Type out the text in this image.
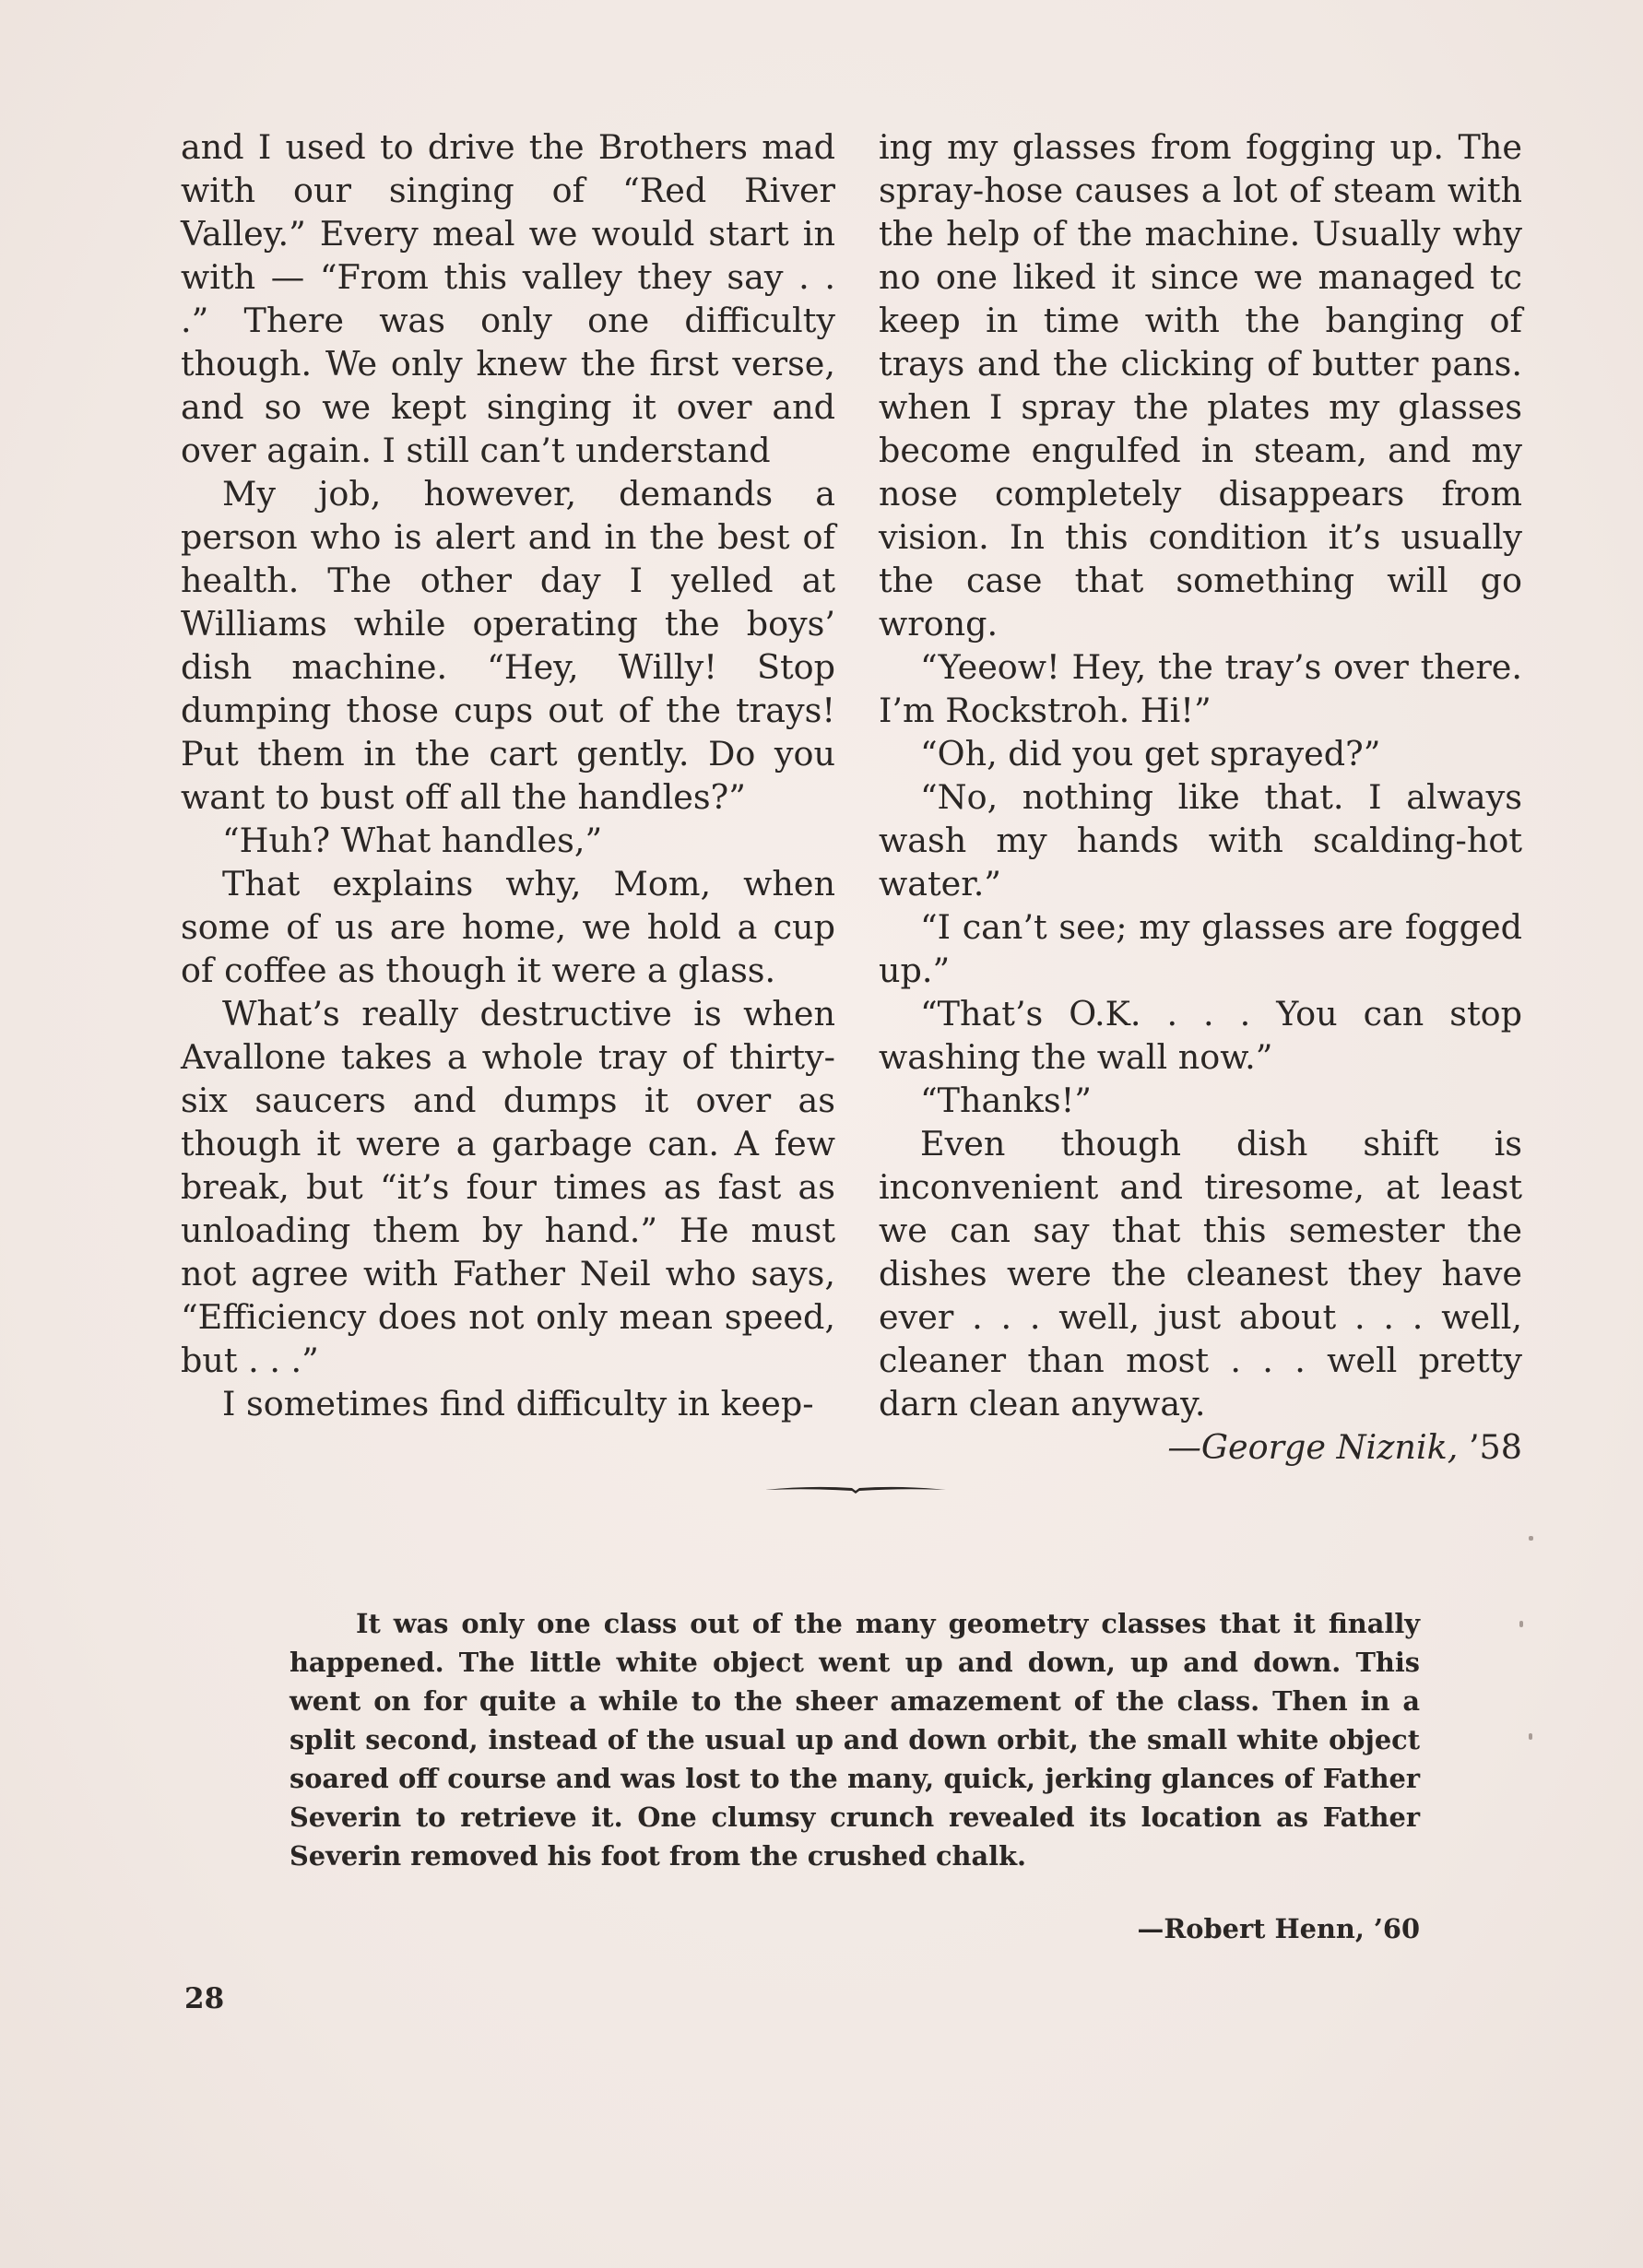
and I used to drive the Brothers mad with our singing of “Red River Valley.” Every meal we would start in with — “From this valley they say . . .” There was only one difficulty though. We only knew the first verse, and so we kept singing it over and over again. I still can’t understand

My job, however, demands a person who is alert and in the best of health. The other day I yelled at Williams while operating the boys’ dish machine. “Hey, Willy! Stop dumping those cups out of the trays! Put them in the cart gently. Do you want to bust off all the handles?”

“Huh? What handles,”

That explains why, Mom, when some of us are home, we hold a cup of coffee as though it were a glass.

What’s really destructive is when Avallone takes a whole tray of thirty-six saucers and dumps it over as though it were a garbage can. A few break, but “it’s four times as fast as unloading them by hand.” He must not agree with Father Neil who says, “Efficiency does not only mean speed, but . . .”

I sometimes find difficulty in keep-

ing my glasses from fogging up. The spray-hose causes a lot of steam with the help of the machine. Usually why no one liked it since we managed tc keep in time with the banging of trays and the clicking of butter pans. when I spray the plates my glasses become engulfed in steam, and my nose completely disappears from vision. In this condition it’s usually the case that something will go wrong.

“Yeeow! Hey, the tray’s over there. I’m Rockstroh. Hi!”

“Oh, did you get sprayed?”

“No, nothing like that. I always wash my hands with scalding-hot water.”

“I can’t see; my glasses are fogged up.”

“That’s O.K. . . . You can stop washing the wall now.”

“Thanks!”

Even though dish shift is inconvenient and tiresome, at least we can say that this semester the dishes were the cleanest they have ever . . . well, just about . . . well, cleaner than most . . . well pretty darn clean anyway.

—George Niznik, ’58

It was only one class out of the many geometry classes that it finally happened. The little white object went up and down, up and down. This went on for quite a while to the sheer amazement of the class. Then in a split second, instead of the usual up and down orbit, the small white object soared off course and was lost to the many, quick, jerking glances of Father Severin to retrieve it. One clumsy crunch revealed its location as Father Severin removed his foot from the crushed chalk.

—Robert Henn, ’60
28
